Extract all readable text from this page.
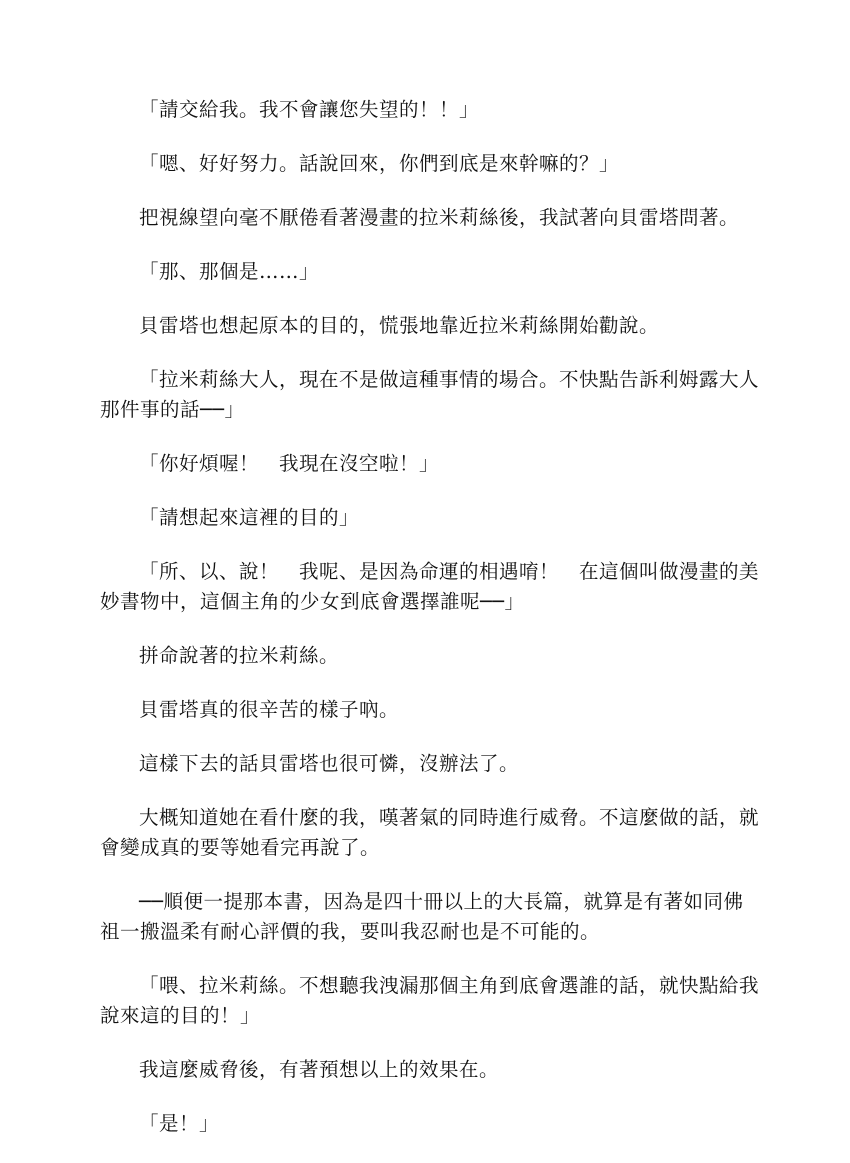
「請交給我。我不會讓您失望的！！」

「嗯、好好努力。話說回來，你們到底是來幹嘛的？」

把視線望向毫不厭倦看著漫畫的拉米莉絲後，我試著向貝雷塔問著。

「那、那個是……」

貝雷塔也想起原本的目的，慌張地靠近拉米莉絲開始勸說。

「拉米莉絲大人，現在不是做這種事情的場合。不快點告訴利姆露大人那件事的話──」

「你好煩喔！　我現在沒空啦！」

「請想起來這裡的目的」

「所、以、說！　我呢、是因為命運的相遇唷！　在這個叫做漫畫的美妙書物中，這個主角的少女到底會選擇誰呢──」

拼命說著的拉米莉絲。

貝雷塔真的很辛苦的樣子吶。

這樣下去的話貝雷塔也很可憐，沒辦法了。

大概知道她在看什麼的我，嘆著氣的同時進行威脅。不這麼做的話，就會變成真的要等她看完再說了。

──順便一提那本書，因為是四十冊以上的大長篇，就算是有著如同佛祖一搬溫柔有耐心評價的我，要叫我忍耐也是不可能的。

「喂、拉米莉絲。不想聽我洩漏那個主角到底會選誰的話，就快點給我說來這的目的！」

我這麼威脅後，有著預想以上的效果在。

「是！」
